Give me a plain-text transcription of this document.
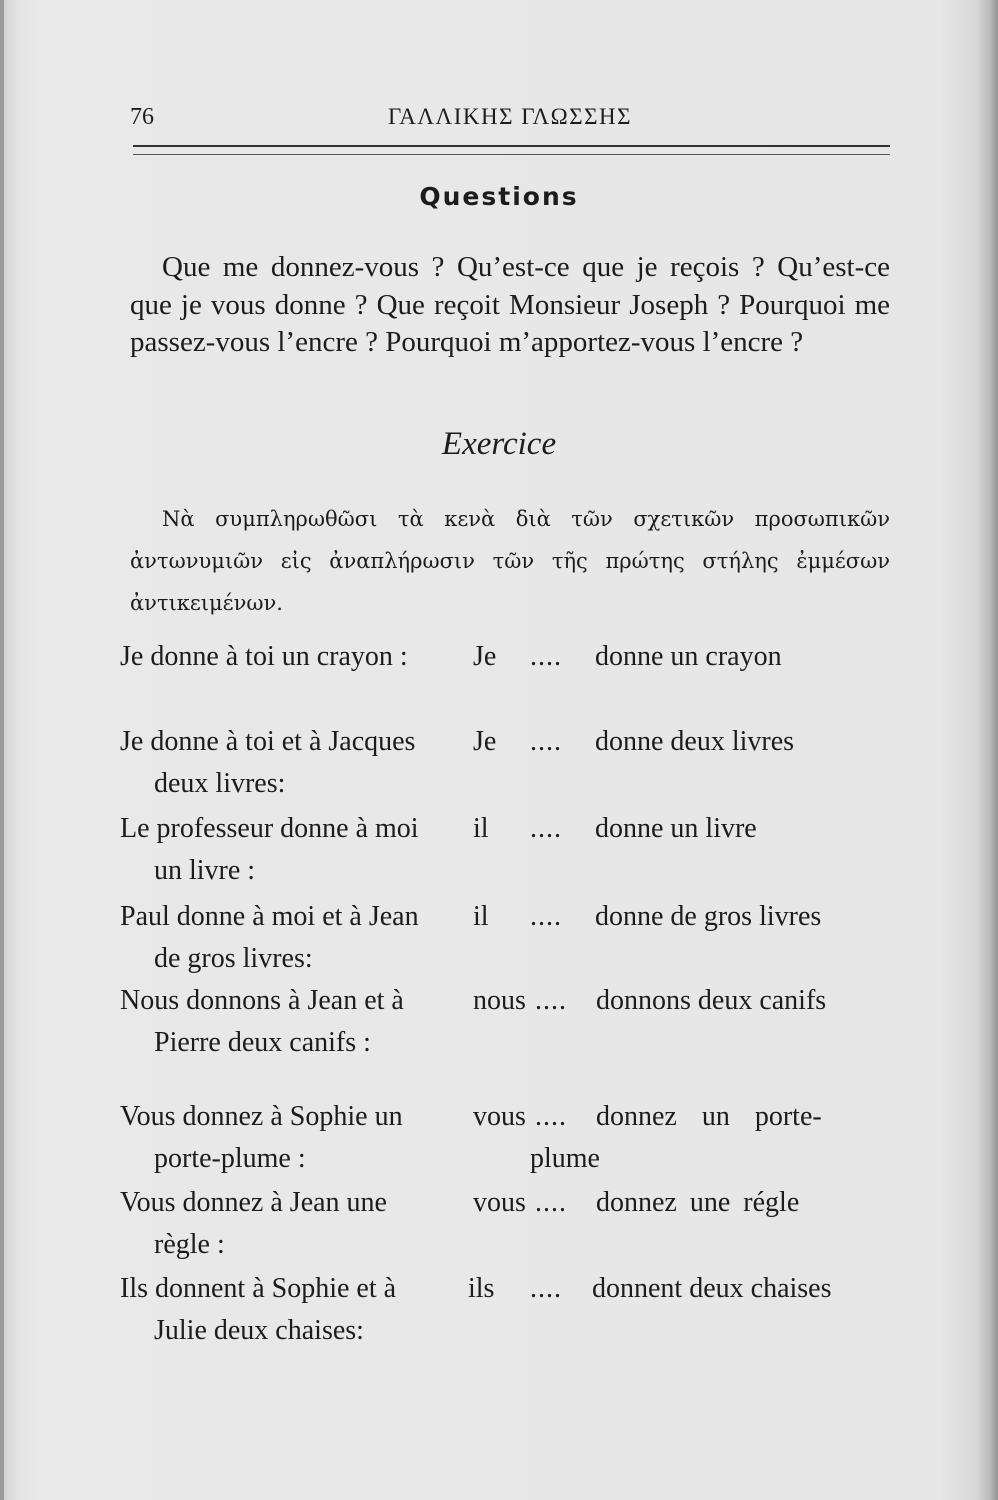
76	ΓΑΛΛΙΚΗΣ ΓΛΩΣΣΗΣ
Questions
Que me donnez-vous ? Qu’est-ce que je reçois ? Qu’est-ce que je vous donne ? Que reçoit Monsieur Joseph ? Pourquoi me passez-vous l’encre ? Pourquoi m’apportez-vous l’encre ?
Exercice
Νὰ συμπληρωθῶσι τὰ κενὰ διὰ τῶν σχετικῶν προσωπικῶν ἀντωνυμιῶν εἰς ἀναπλήρωσιν τῶν τῆς πρώτης στήλης ἐμμέσων ἀντικειμένων.
Je donne à toi un crayon :	Je .... donne un crayon
Je donne à toi et à Jacques deux livres:
Je .... donne deux livres
Le professeur donne à moi un livre :
il .... donne un livre
Paul donne à moi et à Jean de gros livres:
il .... donne de gros livres
Nous donnons à Jean et à Pierre deux canifs :
nous .... donnons deux canifs
Vous donnez à Sophie un porte-plume :
vous .... donnez un porte-
plume
Vous donnez à Jean une règle :
vous .... donnez une régle
Ils donnent à Sophie et à Julie deux chaises:
ils .... donnent deux chaises
